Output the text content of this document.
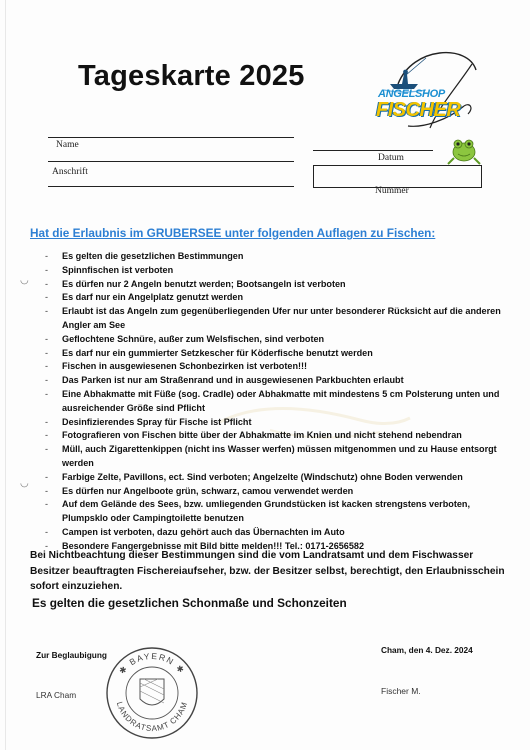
Tageskarte 2025
ANGELSHOP
FISCHER
Name
Anschrift
Datum
Nummer
Hat die Erlaubnis im GRUBERSEE unter folgenden Auflagen zu Fischen:
◡
◡
- Es gelten die gesetzlichen Bestimmungen
- Spinnfischen ist verboten
- Es dürfen nur 2 Angeln benutzt werden; Bootsangeln ist verboten
- Es darf nur ein Angelplatz genutzt werden
- Erlaubt ist das Angeln zum gegenüberliegenden Ufer nur unter besonderer Rücksicht auf die anderen Angler am See
- Geflochtene Schnüre, außer zum Welsfischen, sind verboten
- Es darf nur ein gummierter Setzkescher für Köderfische benutzt werden
- Fischen in ausgewiesenen Schonbezirken ist verboten!!!
- Das Parken ist nur am Straßenrand und in ausgewiesenen Parkbuchten erlaubt
- Eine Abhakmatte mit Füße (sog. Cradle) oder Abhakmatte mit mindestens 5 cm Polsterung unten und ausreichender Größe sind Pflicht
- Desinfizierendes Spray für Fische ist Pflicht
- Fotografieren von Fischen bitte über der Abhakmatte im Knien und nicht stehend nebendran
- Müll, auch Zigarettenkippen (nicht ins Wasser werfen) müssen mitgenommen und zu Hause entsorgt werden
- Farbige Zelte, Pavillons, ect. Sind verboten; Angelzelte (Windschutz) ohne Boden verwenden
- Es dürfen nur Angelboote grün, schwarz, camou verwendet werden
- Auf dem Gelände des Sees, bzw. umliegenden Grundstücken ist kacken strengstens verboten, Plumpsklo oder Campingtoilette benutzen
- Campen ist verboten, dazu gehört auch das Übernachten im Auto
- Besondere Fangergebnisse mit Bild bitte melden!!! Tel.: 0171-2656582
Bei Nichtbeachtung dieser Bestimmungen sind die vom Landratsamt und dem Fischwasser Besitzer beauftragten Fischereiaufseher, bzw. der Besitzer selbst, berechtigt, den Erlaubnisschein sofort einzuziehen.
Es gelten die gesetzlichen Schonmaße und Schonzeiten
Zur Beglaubigung	Cham, den 4. Dez. 2024
LRA Cham	Fischer M.
✱ BAYERN ✱
LANDRATSAMT CHAM
